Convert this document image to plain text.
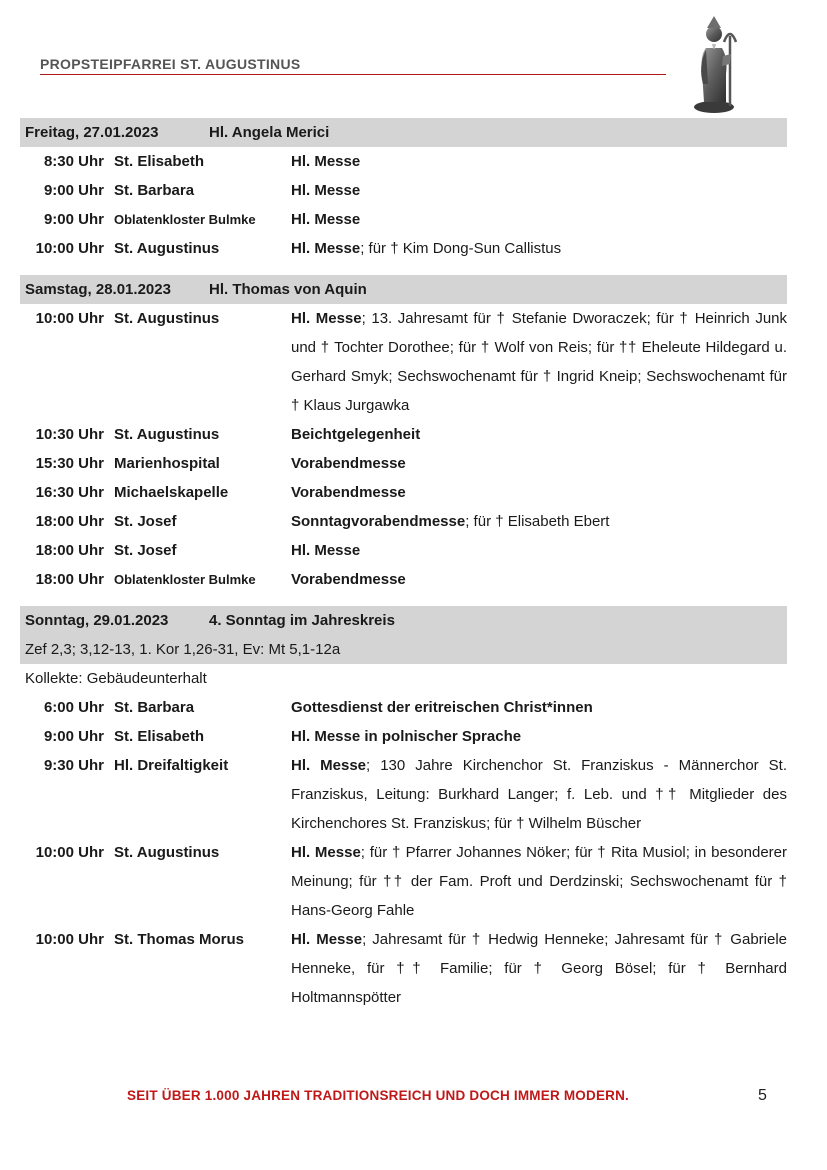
PROPSTEIPFARREI ST. AUGUSTINUS
Freitag, 27.01.2023	Hl. Angela Merici
8:30 Uhr St. Elisabeth	Hl. Messe
9:00 Uhr St. Barbara	Hl. Messe
9:00 Uhr Oblatenkloster Bulmke	Hl. Messe
10:00 Uhr St. Augustinus	Hl. Messe; für † Kim Dong-Sun Callistus
Samstag, 28.01.2023	Hl. Thomas von Aquin
10:00 Uhr St. Augustinus	Hl. Messe; 13. Jahresamt für † Stefanie Dworaczek; für † Heinrich Junk und † Tochter Dorothee; für † Wolf von Reis; für †† Eheleute Hildegard u. Gerhard Smyk; Sechswochenamt für † Ingrid Kneip; Sechswochenamt für † Klaus Jurgawka
10:30 Uhr St. Augustinus	Beichtgelegenheit
15:30 Uhr Marienhospital	Vorabendmesse
16:30 Uhr Michaelskapelle	Vorabendmesse
18:00 Uhr St. Josef	Sonntagvorabendmesse; für † Elisabeth Ebert
18:00 Uhr St. Josef	Hl. Messe
18:00 Uhr Oblatenkloster Bulmke	Vorabendmesse
Sonntag, 29.01.2023	4. Sonntag im Jahreskreis
Zef 2,3; 3,12-13, 1. Kor 1,26-31, Ev: Mt 5,1-12a
Kollekte: Gebäudeunterhalt
6:00 Uhr St. Barbara	Gottesdienst der eritreischen Christ*innen
9:00 Uhr St. Elisabeth	Hl. Messe in polnischer Sprache
9:30 Uhr Hl. Dreifaltigkeit	Hl. Messe; 130 Jahre Kirchenchor St. Franziskus - Männerchor St. Franziskus, Leitung: Burkhard Langer; f. Leb. und †† Mitglieder des Kirchenchores St. Franziskus; für † Wilhelm Büscher
10:00 Uhr St. Augustinus	Hl. Messe; für † Pfarrer Johannes Nöker; für † Rita Musiol; in besonderer Meinung; für †† der Fam. Proft und Derdzinski; Sechswochenamt für † Hans-Georg Fahle
10:00 Uhr St. Thomas Morus	Hl. Messe; Jahresamt für † Hedwig Henneke; Jahresamt für † Gabriele Henneke, für †† Familie; für † Georg Bösel; für † Bernhard Holtmannspötter
SEIT ÜBER 1.000 JAHREN TRADITIONSREICH UND DOCH IMMER MODERN.	5
